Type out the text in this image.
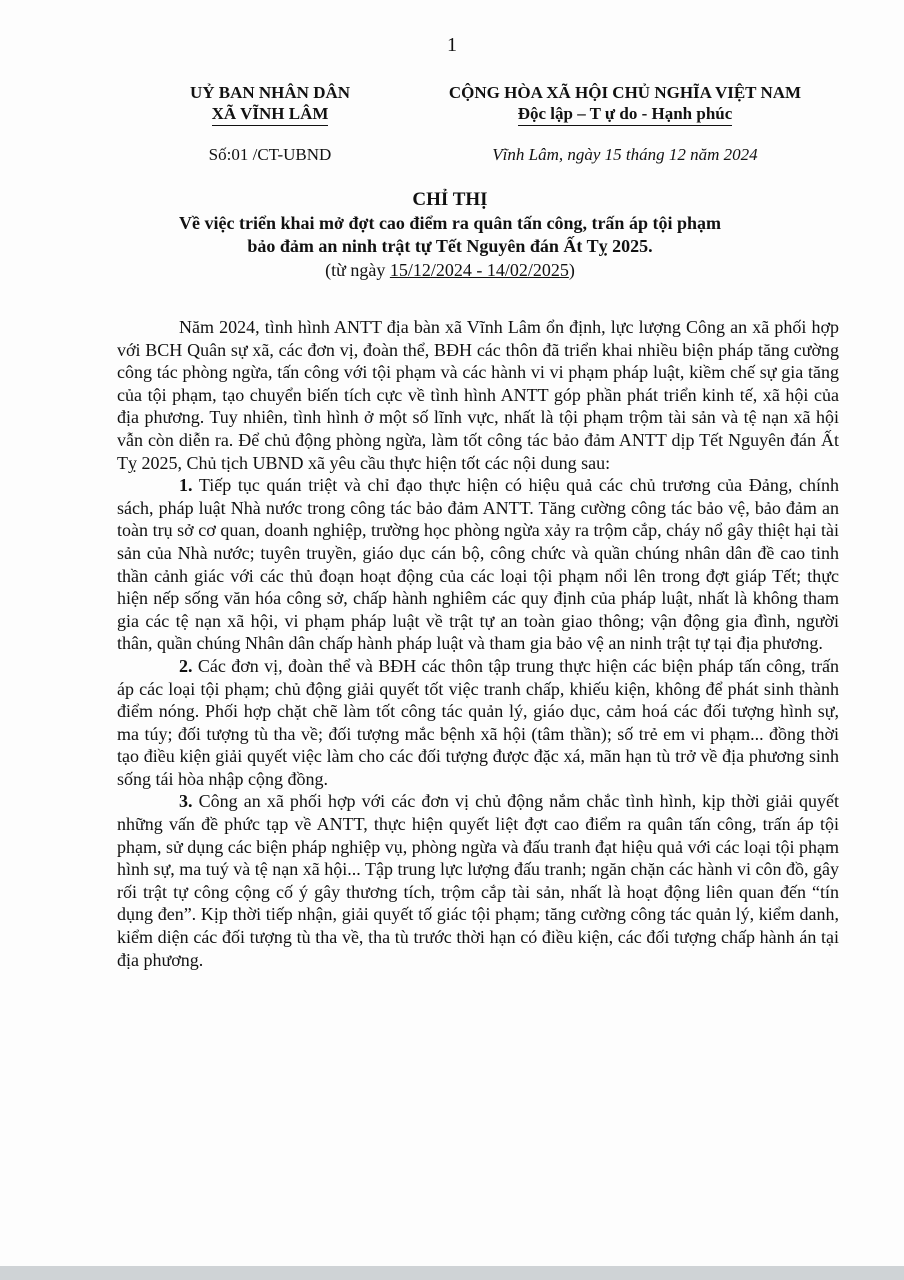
1
UỶ BAN NHÂN DÂN
XÃ VĨNH LÂM
CỘNG HÒA XÃ HỘI CHỦ NGHĨA VIỆT NAM
Độc lập – T ự do - Hạnh phúc
Số:01 /CT-UBND	Vĩnh Lâm, ngày 15 tháng 12 năm 2024
CHỈ THỊ
Về việc triển khai mở đợt cao điểm ra quân tấn công, trấn áp tội phạm
bảo đảm an ninh trật tự Tết Nguyên đán Ất Tỵ 2025.
(từ ngày 15/12/2024 - 14/02/2025)

Năm 2024, tình hình ANTT địa bàn xã Vĩnh Lâm ổn định, lực lượng Công an xã phối hợp với BCH Quân sự xã, các đơn vị, đoàn thể, BĐH các thôn đã triển khai nhiều biện pháp tăng cường công tác phòng ngừa, tấn công với tội phạm và các hành vi vi phạm pháp luật, kiềm chế sự gia tăng của tội phạm, tạo chuyển biến tích cực về tình hình ANTT góp phần phát triển kinh tế, xã hội của địa phương. Tuy nhiên, tình hình ở một số lĩnh vực, nhất là tội phạm trộm tài sản và tệ nạn xã hội vẫn còn diễn ra. Để chủ động phòng ngừa, làm tốt công tác bảo đảm ANTT dịp Tết Nguyên đán Ất Tỵ 2025, Chủ tịch UBND xã yêu cầu thực hiện tốt các nội dung sau:

1. Tiếp tục quán triệt và chỉ đạo thực hiện có hiệu quả các chủ trương của Đảng, chính sách, pháp luật Nhà nước trong công tác bảo đảm ANTT. Tăng cường công tác bảo vệ, bảo đảm an toàn trụ sở cơ quan, doanh nghiệp, trường học phòng ngừa xảy ra trộm cắp, cháy nổ gây thiệt hại tài sản của Nhà nước; tuyên truyền, giáo dục cán bộ, công chức và quần chúng nhân dân đề cao tinh thần cảnh giác với các thủ đoạn hoạt động của các loại tội phạm nổi lên trong đợt giáp Tết; thực hiện nếp sống văn hóa công sở, chấp hành nghiêm các quy định của pháp luật, nhất là không tham gia các tệ nạn xã hội, vi phạm pháp luật về trật tự an toàn giao thông; vận động gia đình, người thân, quần chúng Nhân dân chấp hành pháp luật và tham gia bảo vệ an ninh trật tự tại địa phương.

2. Các đơn vị, đoàn thể và BĐH các thôn tập trung thực hiện các biện pháp tấn công, trấn áp các loại tội phạm; chủ động giải quyết tốt việc tranh chấp, khiếu kiện, không để phát sinh thành điểm nóng. Phối hợp chặt chẽ làm tốt công tác quản lý, giáo dục, cảm hoá các đối tượng hình sự, ma túy; đối tượng tù tha về; đối tượng mắc bệnh xã hội (tâm thần); số trẻ em vi phạm... đồng thời tạo điều kiện giải quyết việc làm cho các đối tượng được đặc xá, mãn hạn tù trở về địa phương sinh sống tái hòa nhập cộng đồng.

3. Công an xã phối hợp với các đơn vị chủ động nắm chắc tình hình, kịp thời giải quyết những vấn đề phức tạp về ANTT, thực hiện quyết liệt đợt cao điểm ra quân tấn công, trấn áp tội phạm, sử dụng các biện pháp nghiệp vụ, phòng ngừa và đấu tranh đạt hiệu quả với các loại tội phạm hình sự, ma tuý và tệ nạn xã hội... Tập trung lực lượng đấu tranh; ngăn chặn các hành vi côn đồ, gây rối trật tự công cộng cố ý gây thương tích, trộm cắp tài sản, nhất là hoạt động liên quan đến “tín dụng đen”. Kịp thời tiếp nhận, giải quyết tố giác tội phạm; tăng cường công tác quản lý, kiểm danh, kiểm diện các đối tượng tù tha về, tha tù trước thời hạn có điều kiện, các đối tượng chấp hành án tại địa phương.
